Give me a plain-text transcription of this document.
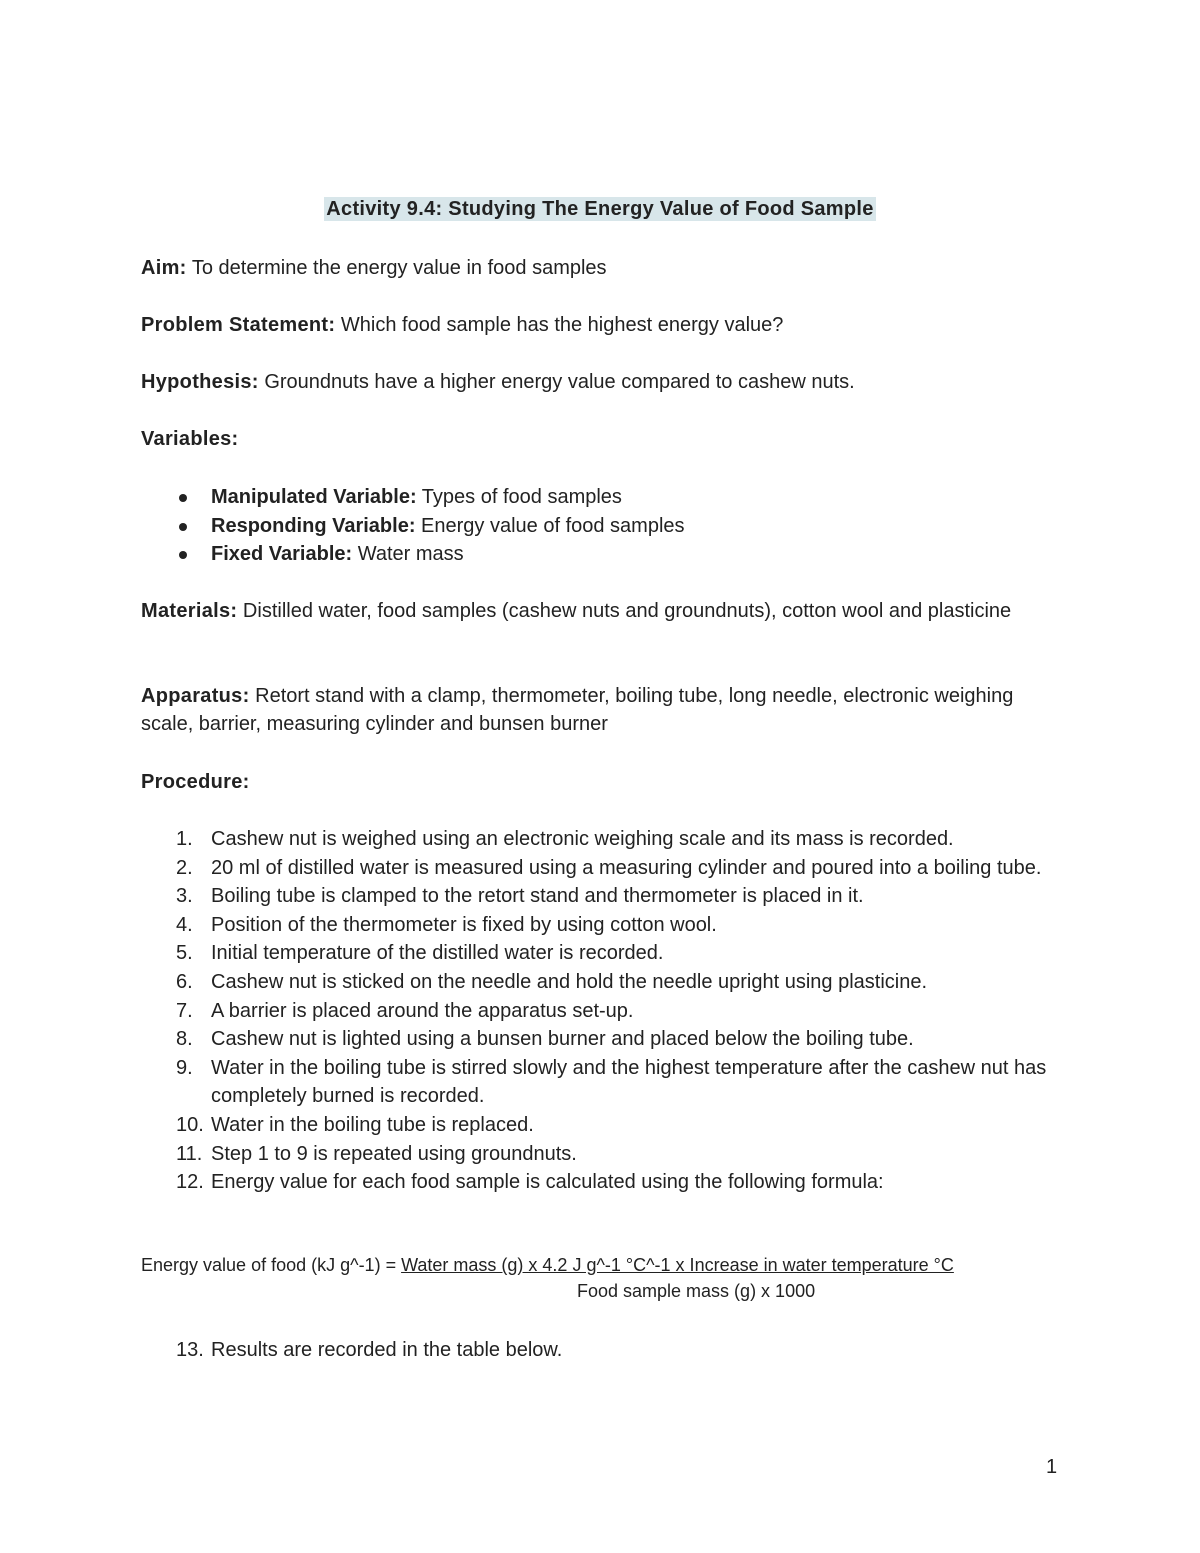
Activity 9.4: Studying The Energy Value of Food Sample
Aim: To determine the energy value in food samples
Problem Statement: Which food sample has the highest energy value?
Hypothesis: Groundnuts have a higher energy value compared to cashew nuts.
Variables:
Manipulated Variable: Types of food samples
Responding Variable: Energy value of food samples
Fixed Variable: Water mass
Materials: Distilled water, food samples (cashew nuts and groundnuts), cotton wool and plasticine
Apparatus: Retort stand with a clamp, thermometer, boiling tube, long needle, electronic weighing scale, barrier, measuring cylinder and bunsen burner
Procedure:
1. Cashew nut is weighed using an electronic weighing scale and its mass is recorded.
2. 20 ml of distilled water is measured using a measuring cylinder and poured into a boiling tube.
3. Boiling tube is clamped to the retort stand and thermometer is placed in it.
4. Position of the thermometer is fixed by using cotton wool.
5. Initial temperature of the distilled water is recorded.
6. Cashew nut is sticked on the needle and hold the needle upright using plasticine.
7. A barrier is placed around the apparatus set-up.
8. Cashew nut is lighted using a bunsen burner and placed below the boiling tube.
9. Water in the boiling tube is stirred slowly and the highest temperature after the cashew nut has completely burned is recorded.
10. Water in the boiling tube is replaced.
11. Step 1 to 9 is repeated using groundnuts.
12. Energy value for each food sample is calculated using the following formula:
Energy value of food (kJ g^-1) = Water mass (g) x 4.2 J g^-1 °C^-1 x Increase in water temperature °C
Food sample mass (g) x 1000
13. Results are recorded in the table below.
1
